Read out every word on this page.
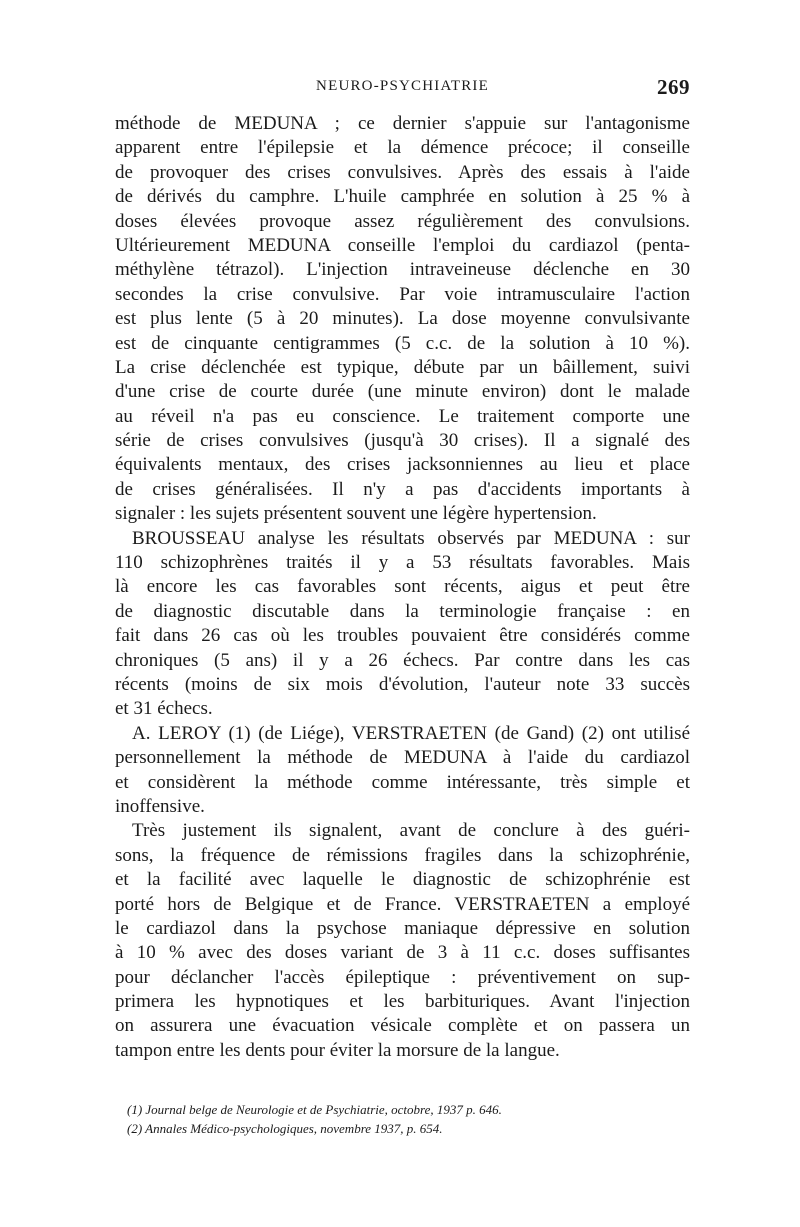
NEURO-PSYCHIATRIE	269
méthode de MEDUNA ; ce dernier s'appuie sur l'antagonisme
apparent entre l'épilepsie et la démence précoce; il conseille
de provoquer des crises convulsives. Après des essais à l'aide
de dérivés du camphre. L'huile camphrée en solution à 25 % à
doses élevées provoque assez régulièrement des convulsions.
Ultérieurement MEDUNA conseille l'emploi du cardiazol (penta-
méthylène tétrazol). L'injection intraveineuse déclenche en 30
secondes la crise convulsive. Par voie intramusculaire l'action
est plus lente (5 à 20 minutes). La dose moyenne convulsivante
est de cinquante centigrammes (5 c.c. de la solution à 10 %).
La crise déclenchée est typique, débute par un bâillement, suivi
d'une crise de courte durée (une minute environ) dont le malade
au réveil n'a pas eu conscience. Le traitement comporte une
série de crises convulsives (jusqu'à 30 crises). Il a signalé des
équivalents mentaux, des crises jacksonniennes au lieu et place
de crises généralisées. Il n'y a pas d'accidents importants à
signaler : les sujets présentent souvent une légère hypertension.
BROUSSEAU analyse les résultats observés par MEDUNA : sur
110 schizophrènes traités il y a 53 résultats favorables. Mais
là encore les cas favorables sont récents, aigus et peut être
de diagnostic discutable dans la terminologie française : en
fait dans 26 cas où les troubles pouvaient être considérés comme
chroniques (5 ans) il y a 26 échecs. Par contre dans les cas
récents (moins de six mois d'évolution, l'auteur note 33 succès
et 31 échecs.
A. LEROY (1) (de Liége), VERSTRAETEN (de Gand) (2) ont utilisé
personnellement la méthode de MEDUNA à l'aide du cardiazol
et considèrent la méthode comme intéressante, très simple et
inoffensive.
Très justement ils signalent, avant de conclure à des guéri-
sons, la fréquence de rémissions fragiles dans la schizophrénie,
et la facilité avec laquelle le diagnostic de schizophrénie est
porté hors de Belgique et de France. VERSTRAETEN a employé
le cardiazol dans la psychose maniaque dépressive en solution
à 10 % avec des doses variant de 3 à 11 c.c. doses suffisantes
pour déclancher l'accès épileptique : préventivement on sup-
primera les hypnotiques et les barbituriques. Avant l'injection
on assurera une évacuation vésicale complète et on passera un
tampon entre les dents pour éviter la morsure de la langue.
(1) Journal belge de Neurologie et de Psychiatrie, octobre, 1937 p. 646.
(2) Annales Médico-psychologiques, novembre 1937, p. 654.
